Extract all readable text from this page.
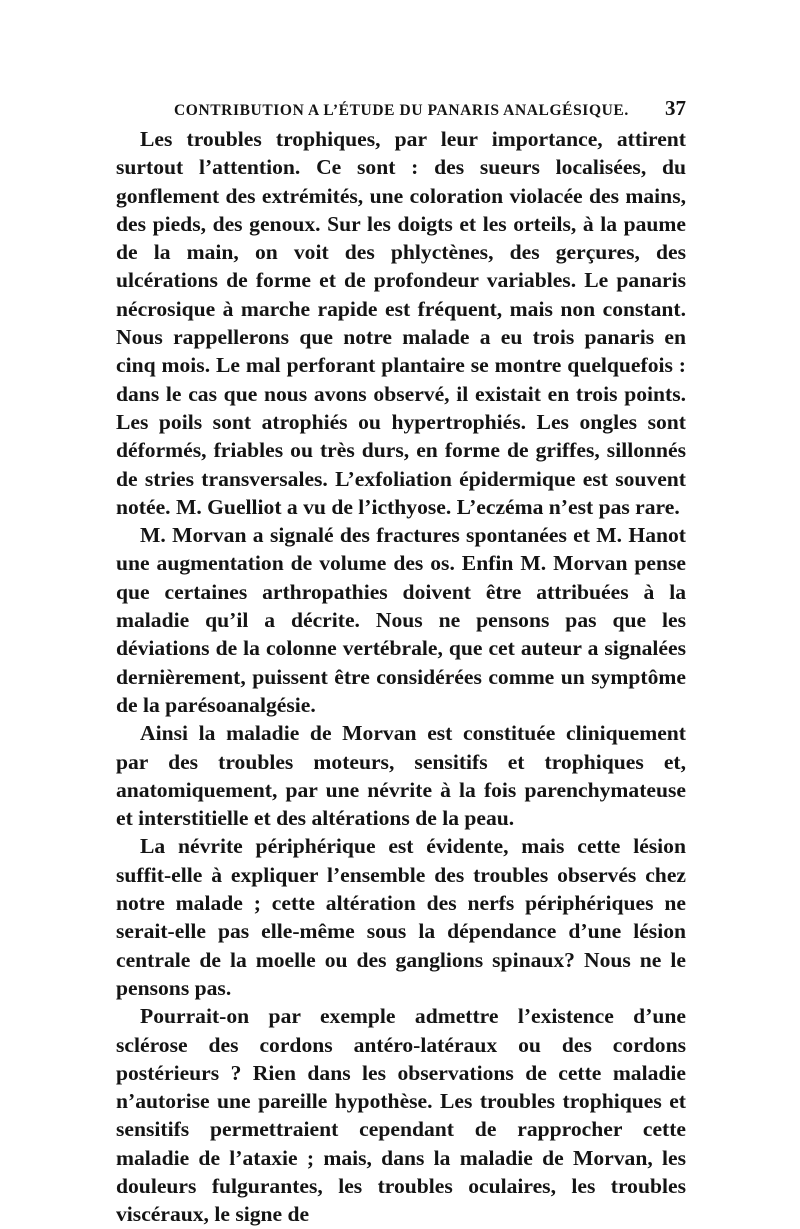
CONTRIBUTION A L’ÉTUDE DU PANARIS ANALGÉSIQUE. 37

Les troubles trophiques, par leur importance, attirent surtout l’attention. Ce sont : des sueurs localisées, du gonflement des extrémités, une coloration violacée des mains, des pieds, des genoux. Sur les doigts et les orteils, à la paume de la main, on voit des phlyctènes, des gerçures, des ulcérations de forme et de profondeur variables. Le panaris nécrosique à marche rapide est fréquent, mais non constant. Nous rappellerons que notre malade a eu trois panaris en cinq mois. Le mal perforant plantaire se montre quelquefois : dans le cas que nous avons observé, il existait en trois points. Les poils sont atrophiés ou hypertrophiés. Les ongles sont déformés, friables ou très durs, en forme de griffes, sillonnés de stries transversales. L’exfoliation épidermique est souvent notée. M. Guelliot a vu de l’icthyose. L’eczéma n’est pas rare.

M. Morvan a signalé des fractures spontanées et M. Hanot une augmentation de volume des os. Enfin M. Morvan pense que certaines arthropathies doivent être attribuées à la maladie qu’il a décrite. Nous ne pensons pas que les déviations de la colonne vertébrale, que cet auteur a signalées dernièrement, puissent être considérées comme un symptôme de la parésoanalgésie.

Ainsi la maladie de Morvan est constituée cliniquement par des troubles moteurs, sensitifs et trophiques et, anatomiquement, par une névrite à la fois parenchymateuse et interstitielle et des altérations de la peau.

La névrite périphérique est évidente, mais cette lésion suffit-elle à expliquer l’ensemble des troubles observés chez notre malade ; cette altération des nerfs périphériques ne serait-elle pas elle-même sous la dépendance d’une lésion centrale de la moelle ou des ganglions spinaux? Nous ne le pensons pas.

Pourrait-on par exemple admettre l’existence d’une sclérose des cordons antéro-latéraux ou des cordons postérieurs ? Rien dans les observations de cette maladie n’autorise une pareille hypothèse. Les troubles trophiques et sensitifs permettraient cependant de rapprocher cette maladie de l’ataxie ; mais, dans la maladie de Morvan, les douleurs fulgurantes, les troubles oculaires, les troubles viscéraux, le signe de
